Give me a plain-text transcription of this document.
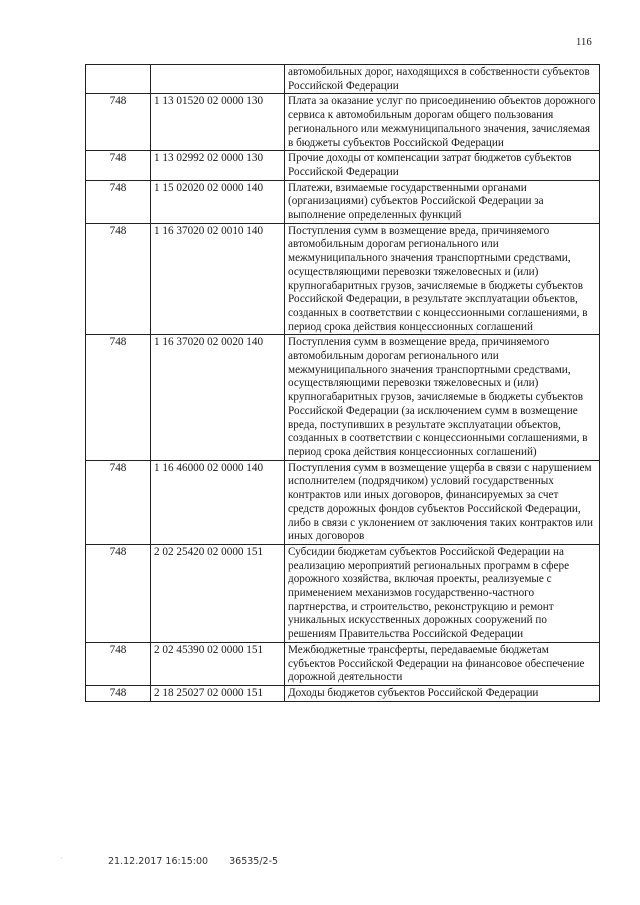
116
		автомобильных дорог, находящихся в собственности субъектов Российской Федерации
748	1 13 01520 02 0000 130	Плата за оказание услуг по присоединению объектов дорожного сервиса к автомобильным дорогам общего пользования регионального или межмуниципального значения, зачисляемая в бюджеты субъектов Российской Федерации
748	1 13 02992 02 0000 130	Прочие доходы от компенсации затрат бюджетов субъектов Российской Федерации
748	1 15 02020 02 0000 140	Платежи, взимаемые государственными органами (организациями) субъектов Российской Федерации за выполнение определенных функций
748	1 16 37020 02 0010 140	Поступления сумм в возмещение вреда, причиняемого автомобильным дорогам регионального или межмуниципального значения транспортными средствами, осуществляющими перевозки тяжеловесных и (или) крупногабаритных грузов, зачисляемые в бюджеты субъектов Российской Федерации, в результате эксплуатации объектов, созданных в соответствии с концессионными соглашениями, в период срока действия концессионных соглашений
748	1 16 37020 02 0020 140	Поступления сумм в возмещение вреда, причиняемого автомобильным дорогам регионального или межмуниципального значения транспортными средствами, осуществляющими перевозки тяжеловесных и (или) крупногабаритных грузов, зачисляемые в бюджеты субъектов Российской Федерации (за исключением сумм в возмещение вреда, поступивших в результате эксплуатации объектов, созданных в соответствии с концессионными соглашениями, в период срока действия концессионных соглашений)
748	1 16 46000 02 0000 140	Поступления сумм в возмещение ущерба в связи с нарушением исполнителем (подрядчиком) условий государственных контрактов или иных договоров, финансируемых за счет средств дорожных фондов субъектов Российской Федерации, либо в связи с уклонением от заключения таких контрактов или иных договоров
748	2 02 25420 02 0000 151	Субсидии бюджетам субъектов Российской Федерации на реализацию мероприятий региональных программ в сфере дорожного хозяйства, включая проекты, реализуемые с применением механизмов государственно-частного партнерства, и строительство, реконструкцию и ремонт уникальных искусственных дорожных сооружений по решениям Правительства Российской Федерации
748	2 02 45390 02 0000 151	Межбюджетные трансферты, передаваемые бюджетам субъектов Российской Федерации на финансовое обеспечение дорожной деятельности
748	2 18 25027 02 0000 151	Доходы бюджетов субъектов Российской Федерации
·	21.12.2017 16:15:00 36535/2-5
